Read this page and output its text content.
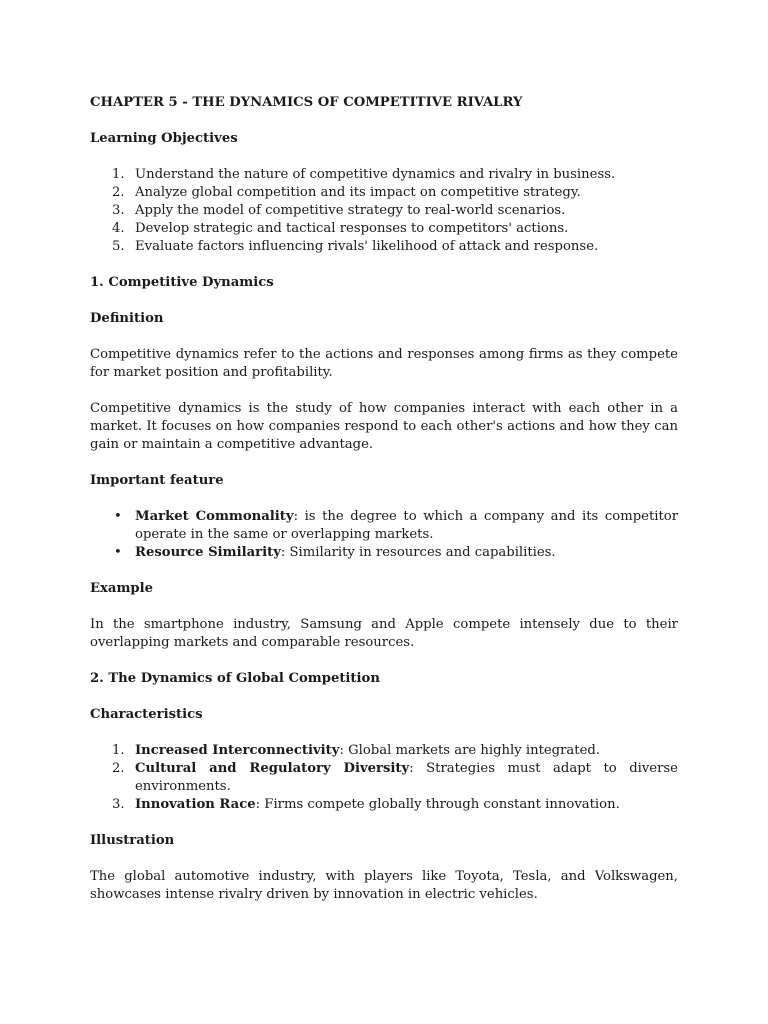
CHAPTER 5 - THE DYNAMICS OF COMPETITIVE RIVALRY

Learning Objectives

1. Understand the nature of competitive dynamics and rivalry in business.
2. Analyze global competition and its impact on competitive strategy.
3. Apply the model of competitive strategy to real-world scenarios.
4. Develop strategic and tactical responses to competitors' actions.
5. Evaluate factors influencing rivals' likelihood of attack and response.

1. Competitive Dynamics

Definition

Competitive dynamics refer to the actions and responses among firms as they compete for market position and profitability.

Competitive dynamics is the study of how companies interact with each other in a market. It focuses on how companies respond to each other's actions and how they can gain or maintain a competitive advantage.

Important feature

• Market Commonality: is the degree to which a company and its competitor operate in the same or overlapping markets.
• Resource Similarity: Similarity in resources and capabilities.

Example

In the smartphone industry, Samsung and Apple compete intensely due to their overlapping markets and comparable resources.

2. The Dynamics of Global Competition

Characteristics

1. Increased Interconnectivity: Global markets are highly integrated.
2. Cultural and Regulatory Diversity: Strategies must adapt to diverse environments.
3. Innovation Race: Firms compete globally through constant innovation.

Illustration

The global automotive industry, with players like Toyota, Tesla, and Volkswagen, showcases intense rivalry driven by innovation in electric vehicles.
